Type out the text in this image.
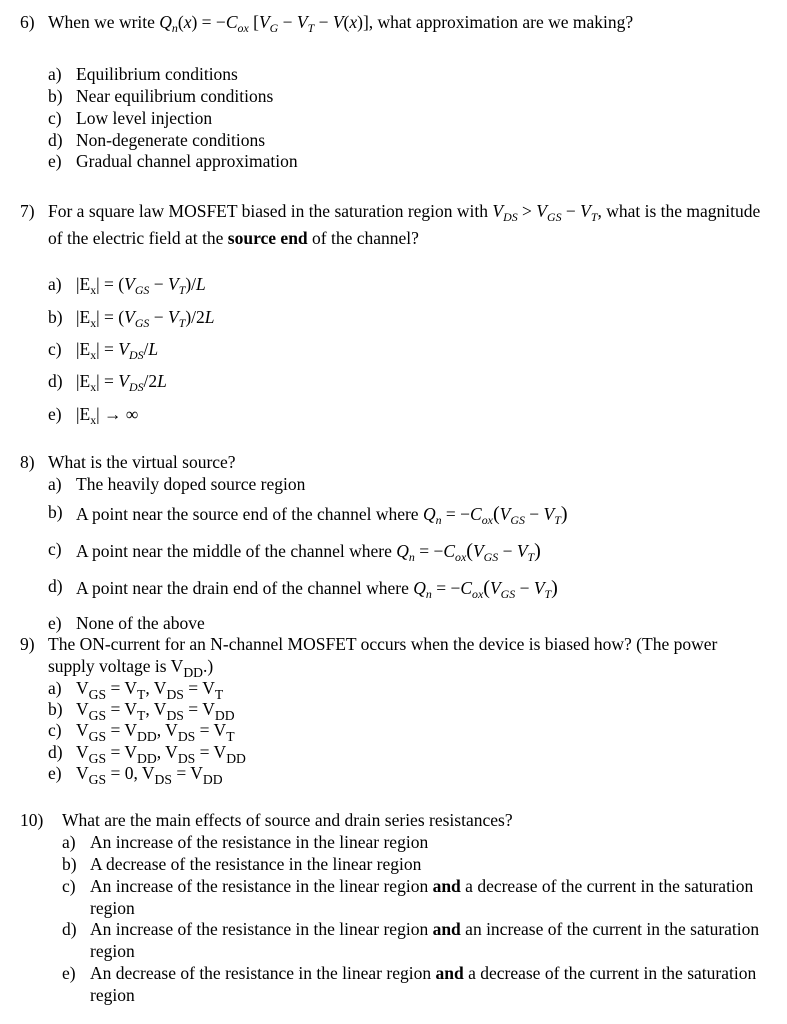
6) When we write $Q_n(x) = -C_{ox}$ $[V_G - V_T - V(x)]$, what approximation are we making?
a) Equilibrium conditions
b) Near equilibrium conditions
c) Low level injection
d) Non-degenerate conditions
e) Gradual channel approximation
7) For a square law MOSFET biased in the saturation region with $V_{DS} > V_{GS} - V_T$, what is the magnitude of the electric field at the source end of the channel?
a) $|E_x| = (V_{GS} - V_T)/L$
b) $|E_x| = (V_{GS} - V_T)/2L$
c) $|E_x| = V_{DS}/L$
d) $|E_x| = V_{DS}/2L$
e) $|E_x|$ → ∞
8) What is the virtual source?
a) The heavily doped source region
b) A point near the source end of the channel where $Q_n = -C_{ox}(V_{GS} - V_T)$
c) A point near the middle of the channel where $Q_n = -C_{ox}(V_{GS} - V_T)$
d) A point near the drain end of the channel where $Q_n = -C_{ox}(V_{GS} - V_T)$
e) None of the above
9) The ON-current for an N-channel MOSFET occurs when the device is biased how? (The power supply voltage is $V_{DD}$.)
a) $V_{GS} = V_T$, $V_{DS} = V_T$
b) $V_{GS} = V_T$, $V_{DS} = V_{DD}$
c) $V_{GS} = V_{DD}$, $V_{DS} = V_T$
d) $V_{GS} = V_{DD}$, $V_{DS} = V_{DD}$
e) $V_{GS} = 0$, $V_{DS} = V_{DD}$
10)	What are the main effects of source and drain series resistances?
a) An increase of the resistance in the linear region
b) A decrease of the resistance in the linear region
c) An increase of the resistance in the linear region and a decrease of the current in the saturation region
d) An increase of the resistance in the linear region and an increase of the current in the saturation region
e) An decrease of the resistance in the linear region and a decrease of the current in the saturation region
